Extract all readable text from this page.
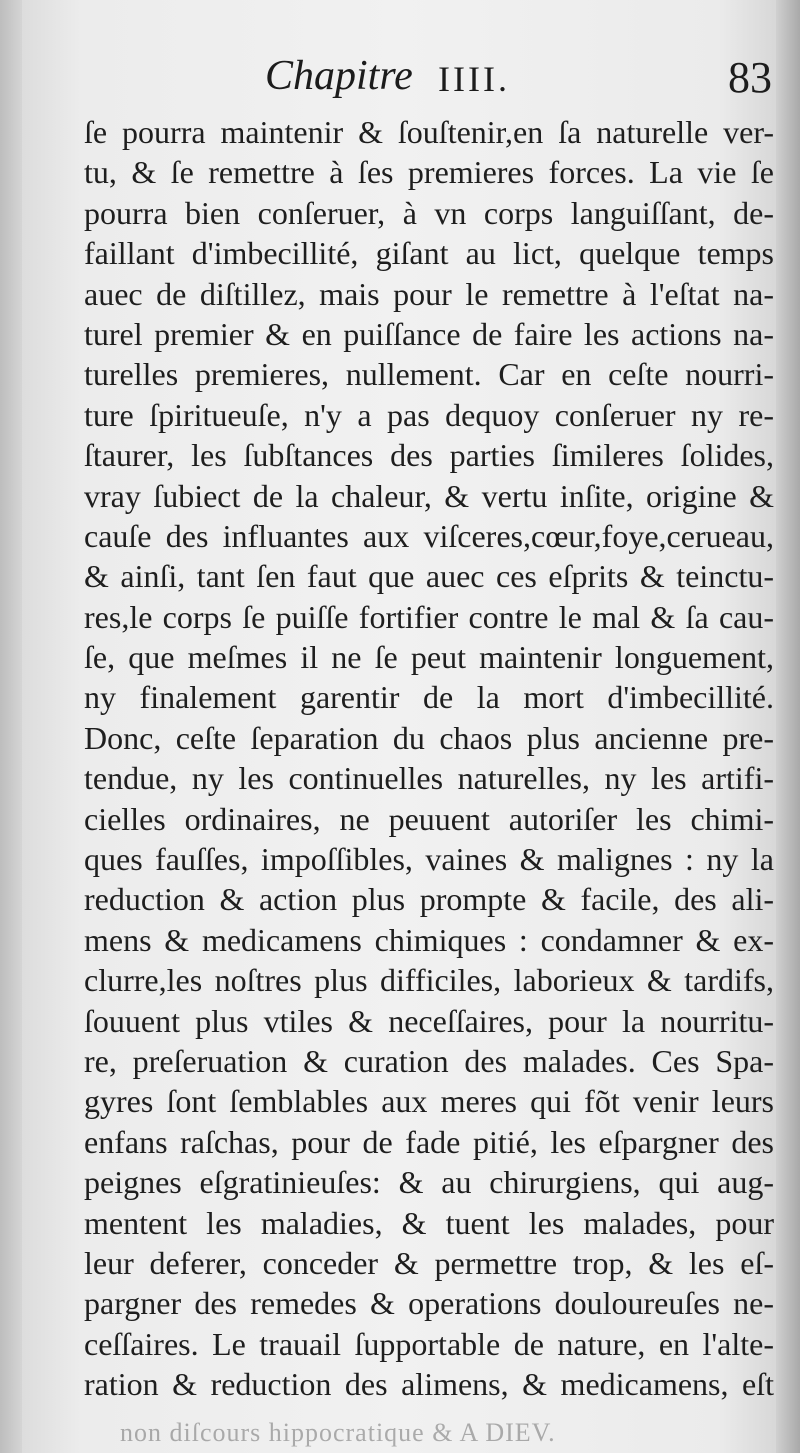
Chapitre IIII.	83
ſe pourra maintenir & ſouſtenir,en ſa naturelle ver-
tu, & ſe remettre à ſes premieres forces. La vie ſe
pourra bien conſeruer, à vn corps languiſſant, de-
faillant d'imbecillité, giſant au lict, quelque temps
auec de diſtillez, mais pour le remettre à l'eſtat na-
turel premier & en puiſſance de faire les actions na-
turelles premieres, nullement. Car en ceſte nourri-
ture ſpiritueuſe, n'y a pas dequoy conſeruer ny re-
ſtaurer, les ſubſtances des parties ſimileres ſolides,
vray ſubiect de la chaleur, & vertu inſite, origine &
cauſe des influantes aux viſceres,cœur,foye,cerueau,
& ainſi, tant ſen faut que auec ces eſprits & teinctu-
res,le corps ſe puiſſe fortifier contre le mal & ſa cau-
ſe, que meſmes il ne ſe peut maintenir longuement,
ny finalement garentir de la mort d'imbecillité.
Donc, ceſte ſeparation du chaos plus ancienne pre-
tendue, ny les continuelles naturelles, ny les artifi-
cielles ordinaires, ne peuuent autoriſer les chimi-
ques fauſſes, impoſſibles, vaines & malignes : ny la
reduction & action plus prompte & facile, des ali-
mens & medicamens chimiques : condamner & ex-
clurre,les noſtres plus difficiles, laborieux & tardifs,
ſouuent plus vtiles & neceſſaires, pour la nourritu-
re, preſeruation & curation des malades. Ces Spa-
gyres ſont ſemblables aux meres qui fõt venir leurs
enfans raſchas, pour de fade pitié, les eſpargner des
peignes eſgratinieuſes: & au chirurgiens, qui aug-
mentent les maladies, & tuent les malades, pour
leur deferer, conceder & permettre trop, & les eſ-
pargner des remedes & operations douloureuſes ne-
ceſſaires. Le trauail ſupportable de nature, en l'alte-
ration & reduction des alimens, & medicamens, eſt
non diſcours hippocratique & A DIEV.
